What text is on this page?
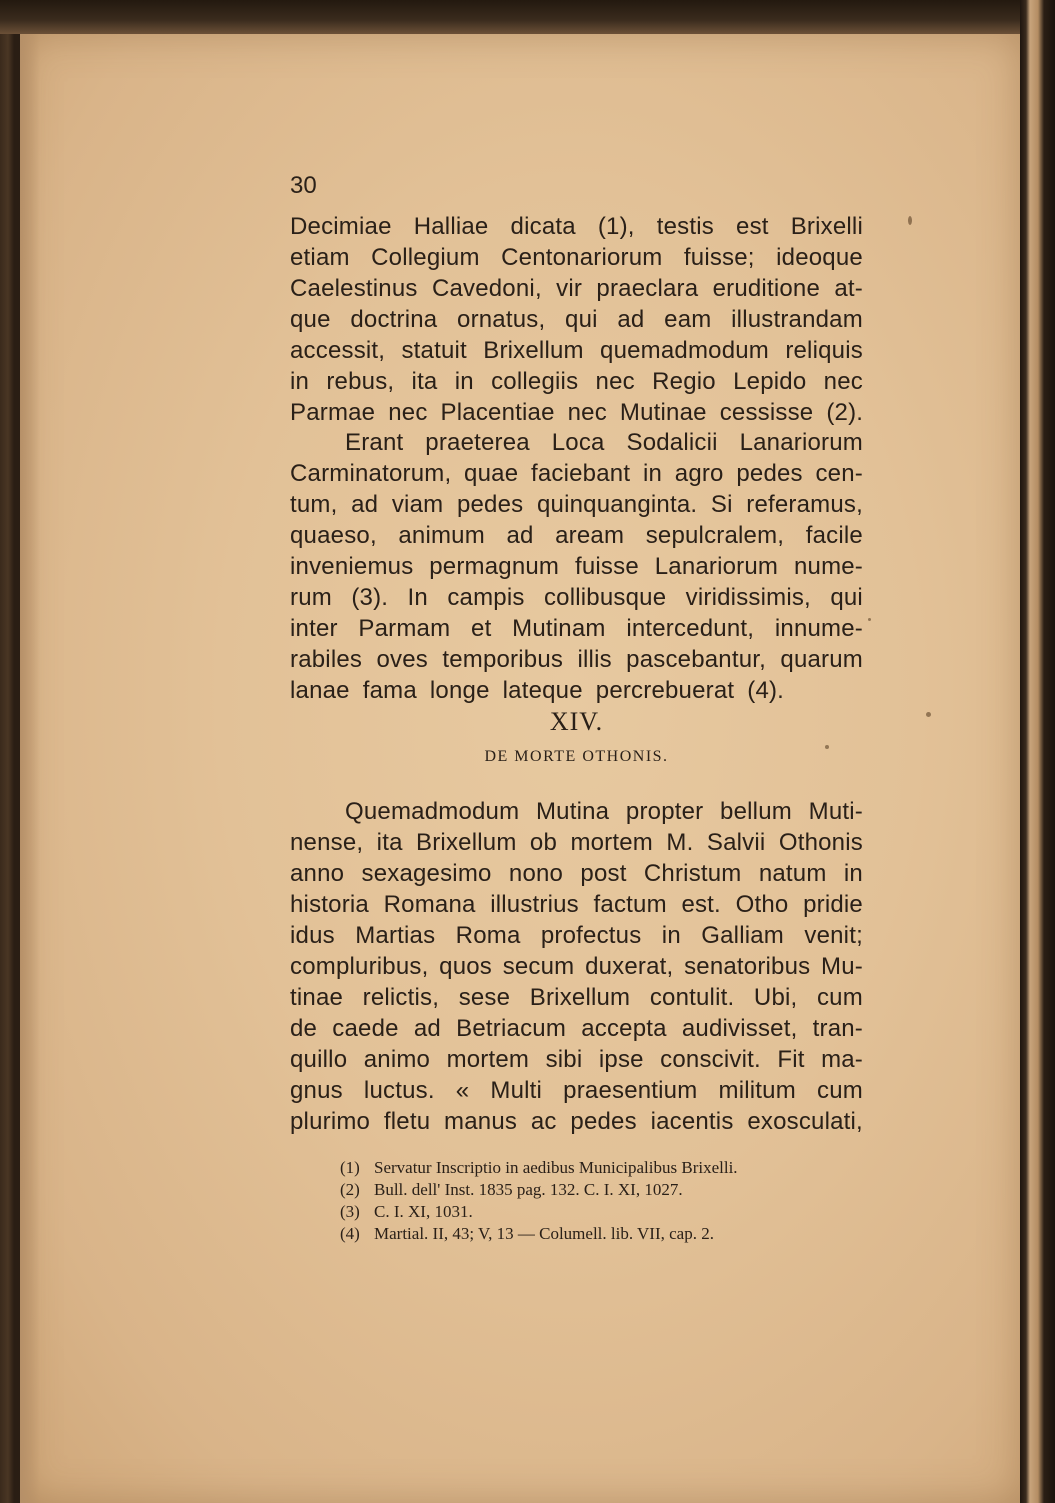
30
Decimiae Halliae dicata (1), testis est Brixelli
etiam Collegium Centonariorum fuisse; ideoque
Caelestinus Cavedoni, vir praeclara eruditione at-
que doctrina ornatus, qui ad eam illustrandam
accessit, statuit Brixellum quemadmodum reliquis
in rebus, ita in collegiis nec Regio Lepido nec
Parmae nec Placentiae nec Mutinae cessisse (2).
Erant praeterea Loca Sodalicii Lanariorum
Carminatorum, quae faciebant in agro pedes cen-
tum, ad viam pedes quinquanginta. Si referamus,
quaeso, animum ad aream sepulcralem, facile
inveniemus permagnum fuisse Lanariorum nume-
rum (3). In campis collibusque viridissimis, qui
inter Parmam et Mutinam intercedunt, innume-
rabiles oves temporibus illis pascebantur, quarum
lanae fama longe lateque percrebuerat (4).
XIV.
DE MORTE OTHONIS.
Quemadmodum Mutina propter bellum Muti-
nense, ita Brixellum ob mortem M. Salvii Othonis
anno sexagesimo nono post Christum natum in
historia Romana illustrius factum est. Otho pridie
idus Martias Roma profectus in Galliam venit;
compluribus, quos secum duxerat, senatoribus Mu-
tinae relictis, sese Brixellum contulit. Ubi, cum
de caede ad Betriacum accepta audivisset, tran-
quillo animo mortem sibi ipse conscivit. Fit ma-
gnus luctus. « Multi praesentium militum cum
plurimo fletu manus ac pedes iacentis exosculati,
(1) Servatur Inscriptio in aedibus Municipalibus Brixelli.
(2) Bull. dell' Inst. 1835 pag. 132. C. I. XI, 1027.
(3) C. I. XI, 1031.
(4) Martial. II, 43; V, 13 — Columell. lib. VII, cap. 2.
